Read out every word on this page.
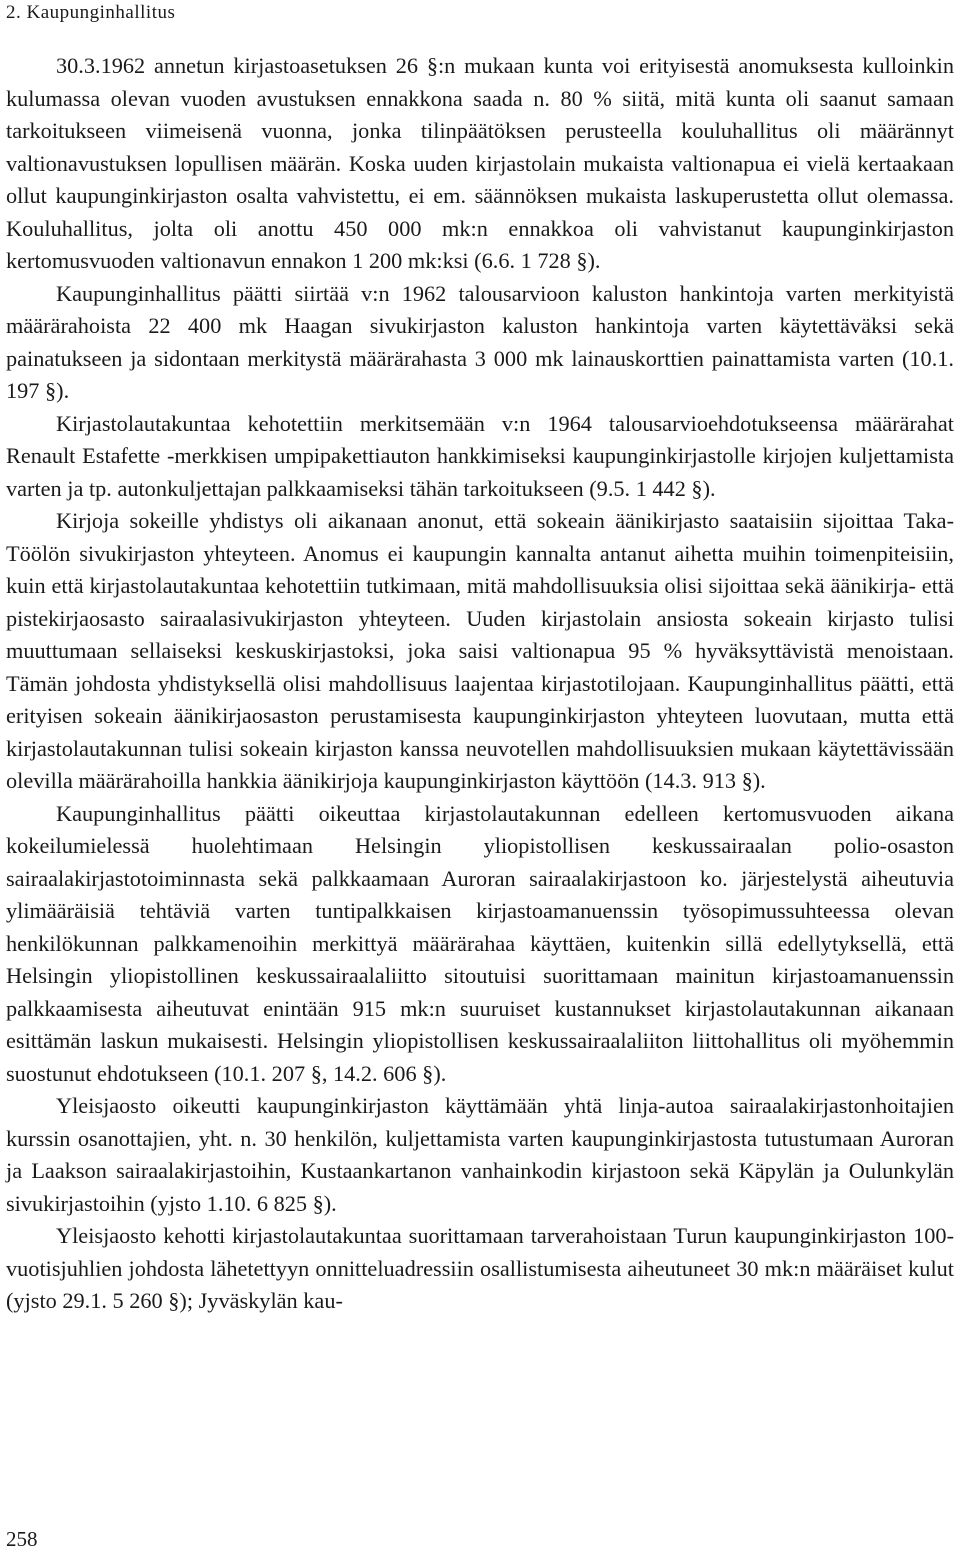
2. Kaupunginhallitus

30.3.1962 annetun kirjastoasetuksen 26 §:n mukaan kunta voi erityisestä anomuksesta kulloinkin kulumassa olevan vuoden avustuksen ennakkona saada n. 80 % siitä, mitä kunta oli saanut samaan tarkoitukseen viimeisenä vuonna, jonka tilinpäätöksen perusteella kouluhallitus oli määrännyt valtionavustuksen lopullisen määrän. Koska uuden kirjastolain mukaista valtionapua ei vielä kertaakaan ollut kaupunginkirjaston osalta vahvistettu, ei em. säännöksen mukaista laskuperustetta ollut olemassa. Kouluhallitus, jolta oli anottu 450 000 mk:n ennakkoa oli vahvistanut kaupunginkirjaston kertomusvuoden valtionavun ennakon 1 200 mk:ksi (6.6. 1 728 §).

Kaupunginhallitus päätti siirtää v:n 1962 talousarvioon kaluston hankintoja varten merkityistä määrärahoista 22 400 mk Haagan sivukirjaston kaluston hankintoja varten käytettäväksi sekä painatukseen ja sidontaan merkitystä määrärahasta 3 000 mk lainauskorttien painattamista varten (10.1. 197 §).

Kirjastolautakuntaa kehotettiin merkitsemään v:n 1964 talousarvioehdotukseensa määrärahat Renault Estafette -merkkisen umpipakettiauton hankkimiseksi kaupunginkirjastolle kirjojen kuljettamista varten ja tp. autonkuljettajan palkkaamiseksi tähän tarkoitukseen (9.5. 1 442 §).

Kirjoja sokeille yhdistys oli aikanaan anonut, että sokeain äänikirjasto saataisiin sijoittaa Taka-Töölön sivukirjaston yhteyteen. Anomus ei kaupungin kannalta antanut aihetta muihin toimenpiteisiin, kuin että kirjastolautakuntaa kehotettiin tutkimaan, mitä mahdollisuuksia olisi sijoittaa sekä äänikirja- että pistekirjaosasto sairaalasivukirjaston yhteyteen. Uuden kirjastolain ansiosta sokeain kirjasto tulisi muuttumaan sellaiseksi keskuskirjastoksi, joka saisi valtionapua 95 % hyväksyttävistä menoistaan. Tämän johdosta yhdistyksellä olisi mahdollisuus laajentaa kirjastotilojaan. Kaupunginhallitus päätti, että erityisen sokeain äänikirjaosaston perustamisesta kaupunginkirjaston yhteyteen luovutaan, mutta että kirjastolautakunnan tulisi sokeain kirjaston kanssa neuvotellen mahdollisuuksien mukaan käytettävissään olevilla määrärahoilla hankkia äänikirjoja kaupunginkirjaston käyttöön (14.3. 913 §).

Kaupunginhallitus päätti oikeuttaa kirjastolautakunnan edelleen kertomusvuoden aikana kokeilumielessä huolehtimaan Helsingin yliopistollisen keskussairaalan polio-osaston sairaalakirjastotoiminnasta sekä palkkaamaan Auroran sairaalakirjastoon ko. järjestelystä aiheutuvia ylimääräisiä tehtäviä varten tuntipalkkaisen kirjastoamanuenssin työsopimussuhteessa olevan henkilökunnan palkkamenoihin merkittyä määrärahaa käyttäen, kuitenkin sillä edellytyksellä, että Helsingin yliopistollinen keskussairaalaliitto sitoutuisi suorittamaan mainitun kirjastoamanuenssin palkkaamisesta aiheutuvat enintään 915 mk:n suuruiset kustannukset kirjastolautakunnan aikanaan esittämän laskun mukaisesti. Helsingin yliopistollisen keskussairaalaliiton liittohallitus oli myöhemmin suostunut ehdotukseen (10.1. 207 §, 14.2. 606 §).

Yleisjaosto oikeutti kaupunginkirjaston käyttämään yhtä linja-autoa sairaalakirjastonhoitajien kurssin osanottajien, yht. n. 30 henkilön, kuljettamista varten kaupunginkirjastosta tutustumaan Auroran ja Laakson sairaalakirjastoihin, Kustaankartanon vanhainkodin kirjastoon sekä Käpylän ja Oulunkylän sivukirjastoihin (yjsto 1.10. 6 825 §).

Yleisjaosto kehotti kirjastolautakuntaa suorittamaan tarverahoistaan Turun kaupunginkirjaston 100-vuotisjuhlien johdosta lähetettyyn onnitteluadressiin osallistumisesta aiheutuneet 30 mk:n määräiset kulut (yjsto 29.1. 5 260 §); Jyväskylän kau-

258
